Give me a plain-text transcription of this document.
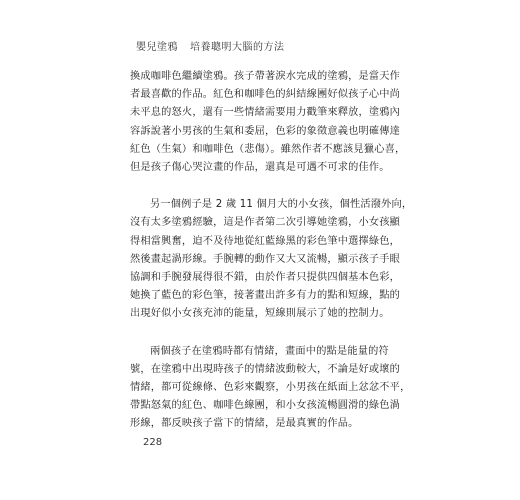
嬰兒塗鴉 培養聰明大腦的方法

換成咖啡色繼續塗鴉。孩子帶著淚水完成的塗鴉，是當天作
者最喜歡的作品。紅色和咖啡色的糾結線團好似孩子心中尚
未平息的怒火，還有一些情緒需要用力戳筆來釋放，塗鴉內
容訴說著小男孩的生氣和委屈，色彩的象徵意義也明確傳達
紅色（生氣）和咖啡色（悲傷）。雖然作者不應該見獵心喜，
但是孩子傷心哭泣畫的作品，還真是可遇不可求的佳作。

另一個例子是 2 歲 11 個月大的小女孩，個性活潑外向，
沒有太多塗鴉經驗，這是作者第二次引導她塗鴉，小女孩顯
得相當興奮，迫不及待地從紅藍綠黑的彩色筆中選擇綠色，
然後畫起渦形線。手腕轉的動作又大又流暢，顯示孩子手眼
協調和手腕發展得很不錯，由於作者只提供四個基本色彩，
她換了藍色的彩色筆，接著畫出許多有力的點和短線，點的
出現好似小女孩充沛的能量，短線則展示了她的控制力。

兩個孩子在塗鴉時都有情緒，畫面中的點是能量的符
號，在塗鴉中出現時孩子的情緒波動較大，不論是好或壞的
情緒，都可從線條、色彩來觀察，小男孩在紙面上忿忿不平，
帶點怒氣的紅色、咖啡色線團，和小女孩流暢圓滑的綠色渦
形線，都反映孩子當下的情緒，是最真實的作品。

228
